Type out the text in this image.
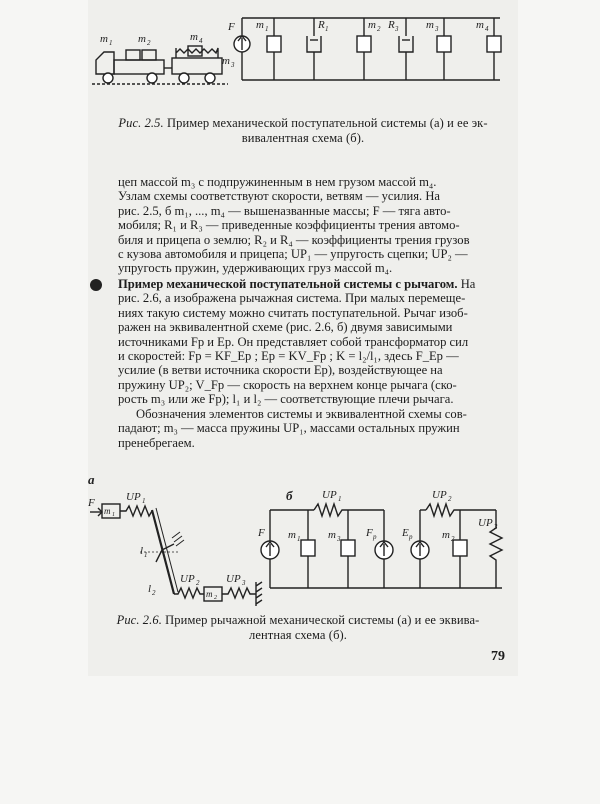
m 1 m 2	m 4
m 3
F m 1	R 1	m 2 R 3	m 3	m 4
Рис. 2.5. Пример механической поступательной системы (а) и ее эк-
вивалентная схема (б).

цеп массой m₃ с подпружиненным в нем грузом массой m₄.

Узлам схемы соответствуют скорости, ветвям — усилия. На

рис. 2.5, б m₁, ..., m₄ — вышеназванные массы; F — тяга авто-

мобиля; R₁ и R₃ — приведенные коэффициенты трения автомо-

биля и прицепа о землю; R₂ и R₄ — коэффициенты трения грузов

с кузова автомобиля и прицепа; UP₁ — упругость сцепки; UP₂ —

упругость пружин, удерживающих груз массой m₄.

Пример механической поступательной системы с рычагом. На

рис. 2.6, а изображена рычажная система. При малых перемеще-

ниях такую систему можно считать поступательной. Рычаг изоб-

ражен на эквивалентной схеме (рис. 2.6, б) двумя зависимыми

источниками Fp и Ep. Он представляет собой трансформатор сил

и скоростей: Fp = KF_Ep ; Ep = KV_Fp ; K = l₂/l₁, здесь F_Ep —

усилие (в ветви источника скорости Ep), воздействующее на

пружину UP₂; V_Fp — скорость на верхнем конце рычага (ско-

рость m₃ или же Fp); l₁ и l₂ — соответствующие плечи рычага.

Обозначения элементов системы и эквивалентной схемы сов-

падают; m₃ — масса пружины UP₁, массами остальных пружин

пренебрегаем.

а
F
m 1
UP 1
l 1
l 2
UP 2
m 2
UP 3
б	UP 1
F m 1	m 3 F p E p
UP 2
m 2
UP 3
Рис. 2.6. Пример рычажной механической системы (а) и ее эквива-
лентная схема (б).
79
